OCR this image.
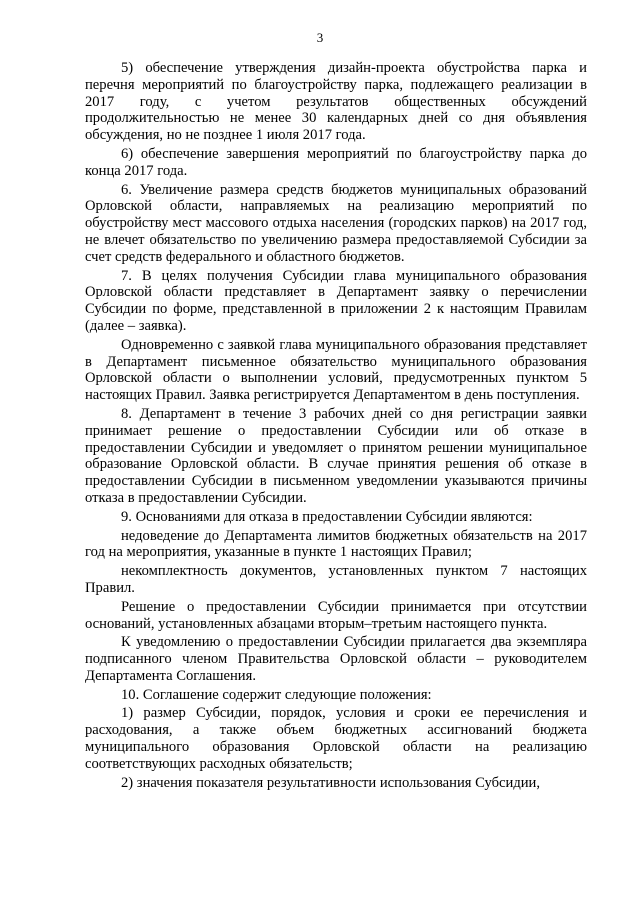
3

5) обеспечение утверждения дизайн-проекта обустройства парка и перечня мероприятий по благоустройству парка, подлежащего реализации в 2017 году, с учетом результатов общественных обсуждений продолжительностью не менее 30 календарных дней со дня объявления обсуждения, но не позднее 1 июля 2017 года.

6) обеспечение завершения мероприятий по благоустройству парка до конца 2017 года.

6. Увеличение размера средств бюджетов муниципальных образований Орловской области, направляемых на реализацию мероприятий по обустройству мест массового отдыха населения (городских парков) на 2017 год, не влечет обязательство по увеличению размера предоставляемой Субсидии за счет средств федерального и областного бюджетов.

7. В целях получения Субсидии глава муниципального образования Орловской области представляет в Департамент заявку о перечислении Субсидии по форме, представленной в приложении 2 к настоящим Правилам (далее – заявка).

Одновременно с заявкой глава муниципального образования представляет в Департамент письменное обязательство муниципального образования Орловской области о выполнении условий, предусмотренных пунктом 5 настоящих Правил. Заявка регистрируется Департаментом в день поступления.

8. Департамент в течение 3 рабочих дней со дня регистрации заявки принимает решение о предоставлении Субсидии или об отказе в предоставлении Субсидии и уведомляет о принятом решении муниципальное образование Орловской области. В случае принятия решения об отказе в предоставлении Субсидии в письменном уведомлении указываются причины отказа в предоставлении Субсидии.

9. Основаниями для отказа в предоставлении Субсидии являются:

недоведение до Департамента лимитов бюджетных обязательств на 2017 год на мероприятия, указанные в пункте 1 настоящих Правил;

некомплектность документов, установленных пунктом 7 настоящих Правил.

Решение о предоставлении Субсидии принимается при отсутствии оснований, установленных абзацами вторым–третьим настоящего пункта.

К уведомлению о предоставлении Субсидии прилагается два экземпляра подписанного членом Правительства Орловской области – руководителем Департамента Соглашения.

10. Соглашение содержит следующие положения:

1) размер Субсидии, порядок, условия и сроки ее перечисления и расходования, а также объем бюджетных ассигнований бюджета муниципального образования Орловской области на реализацию соответствующих расходных обязательств;

2) значения показателя результативности использования Субсидии,
